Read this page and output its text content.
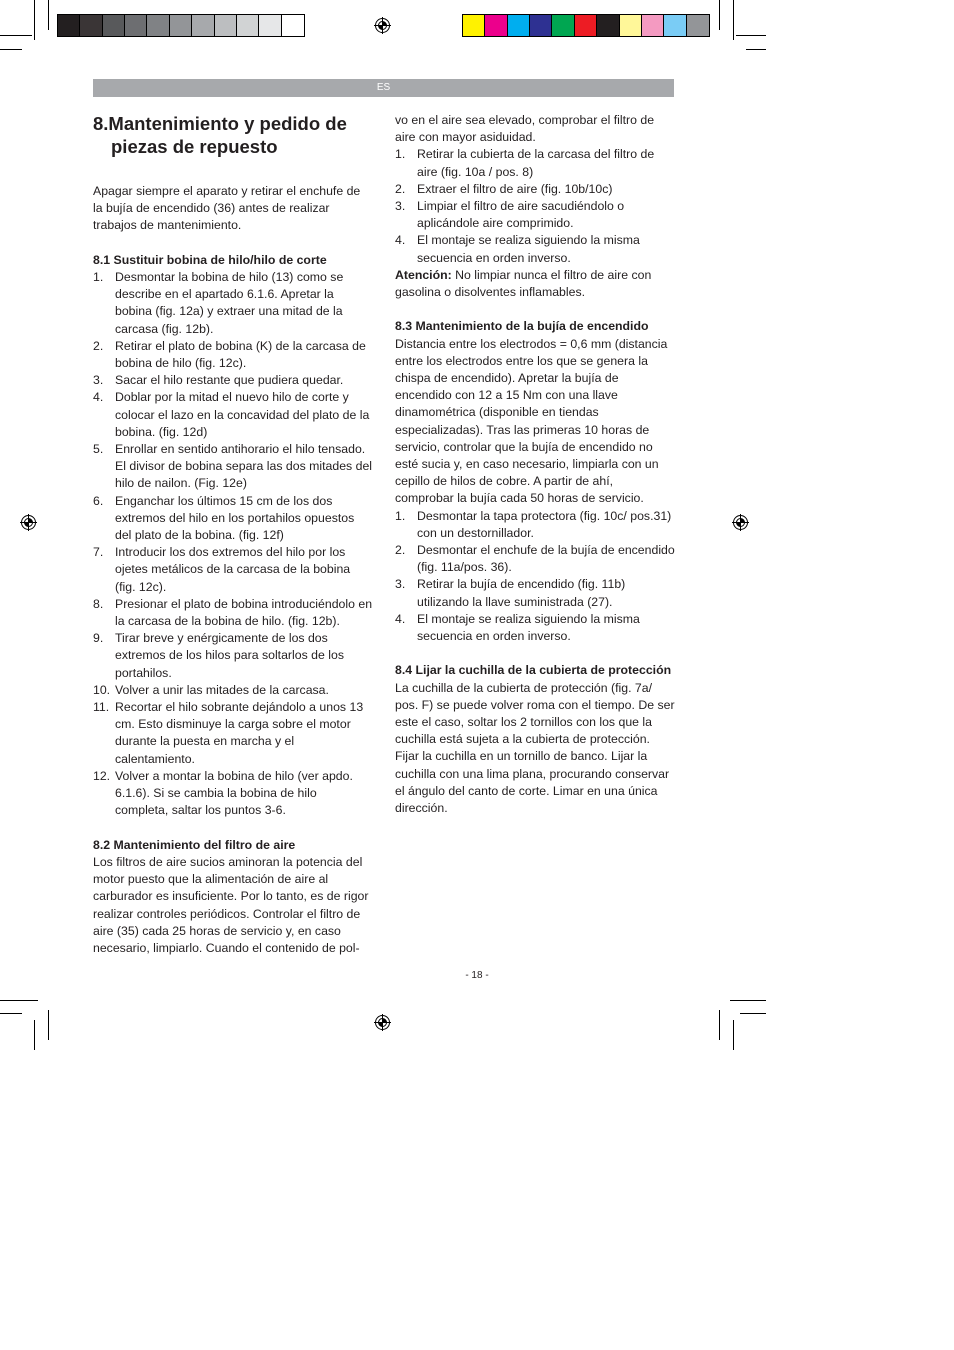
ES
8.Mantenimiento y pedido de
piezas de repuesto

Apagar siempre el aparato y retirar el enchufe de la bujía de encendido (36) antes de realizar trabajos de mantenimiento.

8.1 Sustituir bobina de hilo/hilo de corte
1. Desmontar la bobina de hilo (13) como se describe en el apartado 6.1.6. Apretar la bobina (fig. 12a) y extraer una mitad de la carcasa (fig. 12b).
2. Retirar el plato de bobina (K) de la carcasa de bobina de hilo (fig. 12c).
3. Sacar el hilo restante que pudiera quedar.
4. Doblar por la mitad el nuevo hilo de corte y colocar el lazo en la concavidad del plato de la bobina. (fig. 12d)
5. Enrollar en sentido antihorario el hilo tensado. El divisor de bobina separa las dos mitades del hilo de nailon. (Fig. 12e)
6. Enganchar los últimos 15 cm de los dos extremos del hilo en los portahilos opuestos del plato de la bobina. (fig. 12f)
7. Introducir los dos extremos del hilo por los ojetes metálicos de la carcasa de la bobina (fig. 12c).
8. Presionar el plato de bobina introduciéndolo en la carcasa de la bobina de hilo. (fig. 12b).
9. Tirar breve y enérgicamente de los dos extremos de los hilos para soltarlos de los portahilos.
10. Volver a unir las mitades de la carcasa.
11. Recortar el hilo sobrante dejándolo a unos 13 cm. Esto disminuye la carga sobre el motor durante la puesta en marcha y el calentamiento.
12. Volver a montar la bobina de hilo (ver apdo. 6.1.6). Si se cambia la bobina de hilo completa, saltar los puntos 3-6.
8.2 Mantenimiento del filtro de aire

Los filtros de aire sucios aminoran la potencia del motor puesto que la alimentación de aire al carburador es insuficiente. Por lo tanto, es de rigor realizar controles periódicos. Controlar el filtro de aire (35) cada 25 horas de servicio y, en caso necesario, limpiarlo. Cuando el contenido de pol-

vo en el aire sea elevado, comprobar el filtro de aire con mayor asiduidad.

1. Retirar la cubierta de la carcasa del filtro de aire (fig. 10a / pos. 8)
2. Extraer el filtro de aire (fig. 10b/10c)
3. Limpiar el filtro de aire sacudiéndolo o aplicándole aire comprimido.
4. El montaje se realiza siguiendo la misma secuencia en orden inverso.

Atención: No limpiar nunca el filtro de aire con gasolina o disolventes inflamables.

8.3 Mantenimiento de la bujía de encendido

Distancia entre los electrodos = 0,6 mm (distancia entre los electrodos entre los que se genera la chispa de encendido). Apretar la bujía de encendido con 12 a 15 Nm con una llave dinamométrica (disponible en tiendas especializadas). Tras las primeras 10 horas de servicio, controlar que la bujía de encendido no esté sucia y, en caso necesario, limpiarla con un cepillo de hilos de cobre. A partir de ahí, comprobar la bujía cada 50 horas de servicio.

1. Desmontar la tapa protectora (fig. 10c/ pos.31) con un destornillador.
2. Desmontar el enchufe de la bujía de encendido (fig. 11a/pos. 36).
3. Retirar la bujía de encendido (fig. 11b) utilizando la llave suministrada (27).
4. El montaje se realiza siguiendo la misma secuencia en orden inverso.
8.4 Lijar la cuchilla de la cubierta de protección

La cuchilla de la cubierta de protección (fig. 7a/ pos. F) se puede volver roma con el tiempo. De ser este el caso, soltar los 2 tornillos con los que la cuchilla está sujeta a la cubierta de protección. Fijar la cuchilla en un tornillo de banco. Lijar la cuchilla con una lima plana, procurando conservar el ángulo del canto de corte. Limar en una única dirección.

- 18 -
